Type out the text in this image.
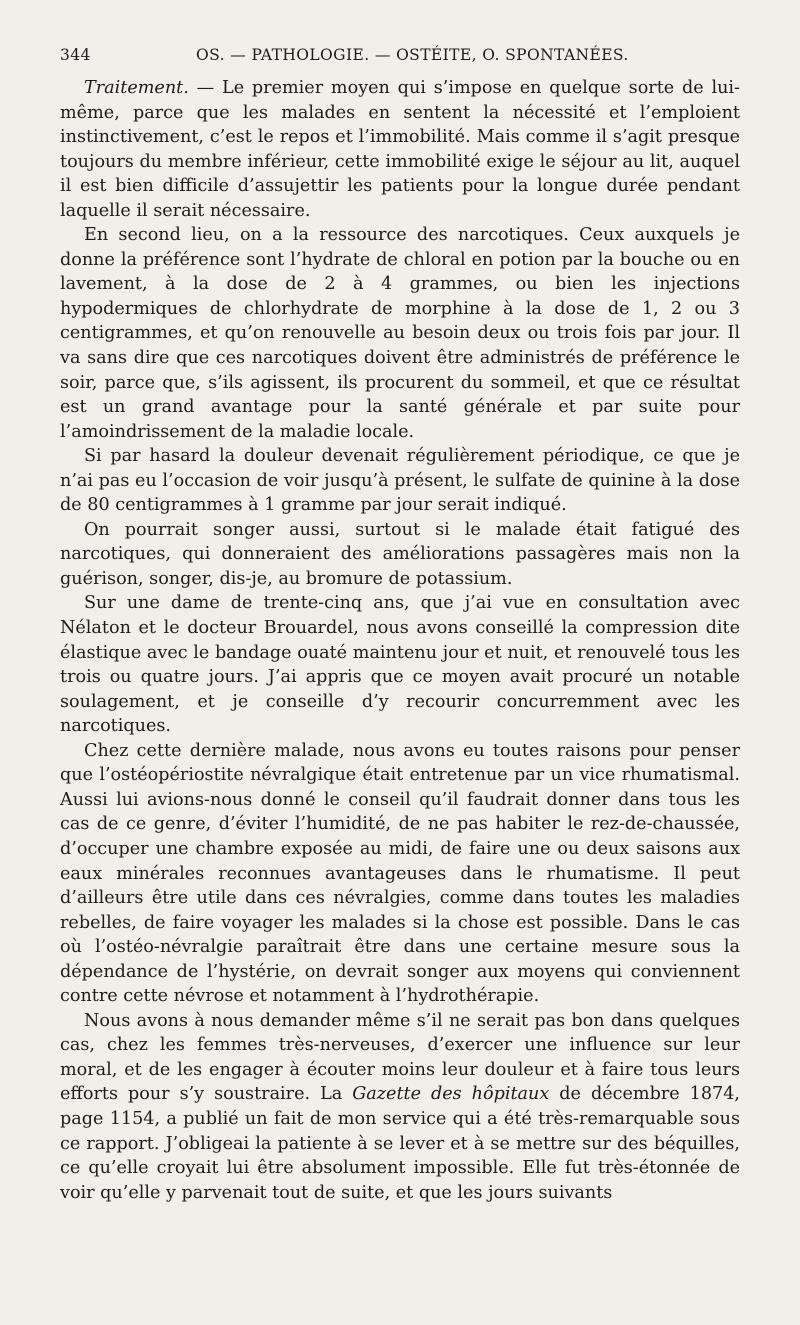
344	OS. — PATHOLOGIE. — OSTÉITE, O. SPONTANÉES.

Traitement. — Le premier moyen qui s’impose en quelque sorte de lui-même, parce que les malades en sentent la nécessité et l’emploient instinctivement, c’est le repos et l’immobilité. Mais comme il s’agit presque toujours du membre inférieur, cette immobilité exige le séjour au lit, auquel il est bien difficile d’assujettir les patients pour la longue durée pendant laquelle il serait nécessaire.

En second lieu, on a la ressource des narcotiques. Ceux auxquels je donne la préférence sont l’hydrate de chloral en potion par la bouche ou en lavement, à la dose de 2 à 4 grammes, ou bien les injections hypodermiques de chlorhydrate de morphine à la dose de 1, 2 ou 3 centigrammes, et qu’on renouvelle au besoin deux ou trois fois par jour. Il va sans dire que ces narcotiques doivent être administrés de préférence le soir, parce que, s’ils agissent, ils procurent du sommeil, et que ce résultat est un grand avantage pour la santé générale et par suite pour l’amoindrissement de la maladie locale.

Si par hasard la douleur devenait régulièrement périodique, ce que je n’ai pas eu l’occasion de voir jusqu’à présent, le sulfate de quinine à la dose de 80 centigrammes à 1 gramme par jour serait indiqué.

On pourrait songer aussi, surtout si le malade était fatigué des narcotiques, qui donneraient des améliorations passagères mais non la guérison, songer, dis-je, au bromure de potassium.

Sur une dame de trente-cinq ans, que j’ai vue en consultation avec Nélaton et le docteur Brouardel, nous avons conseillé la compression dite élastique avec le bandage ouaté maintenu jour et nuit, et renouvelé tous les trois ou quatre jours. J’ai appris que ce moyen avait procuré un notable soulagement, et je conseille d’y recourir concurremment avec les narcotiques.

Chez cette dernière malade, nous avons eu toutes raisons pour penser que l’ostéopériostite névralgique était entretenue par un vice rhumatismal. Aussi lui avions-nous donné le conseil qu’il faudrait donner dans tous les cas de ce genre, d’éviter l’humidité, de ne pas habiter le rez-de-chaussée, d’occuper une chambre exposée au midi, de faire une ou deux saisons aux eaux minérales reconnues avantageuses dans le rhumatisme. Il peut d’ailleurs être utile dans ces névralgies, comme dans toutes les maladies rebelles, de faire voyager les malades si la chose est possible. Dans le cas où l’ostéo-névralgie paraîtrait être dans une certaine mesure sous la dépendance de l’hystérie, on devrait songer aux moyens qui conviennent contre cette névrose et notamment à l’hydrothérapie.

Nous avons à nous demander même s’il ne serait pas bon dans quelques cas, chez les femmes très-nerveuses, d’exercer une influence sur leur moral, et de les engager à écouter moins leur douleur et à faire tous leurs efforts pour s’y soustraire. La Gazette des hôpitaux de décembre 1874, page 1154, a publié un fait de mon service qui a été très-remarquable sous ce rapport. J’obligeai la patiente à se lever et à se mettre sur des béquilles, ce qu’elle croyait lui être absolument impossible. Elle fut très-étonnée de voir qu’elle y parvenait tout de suite, et que les jours suivants
